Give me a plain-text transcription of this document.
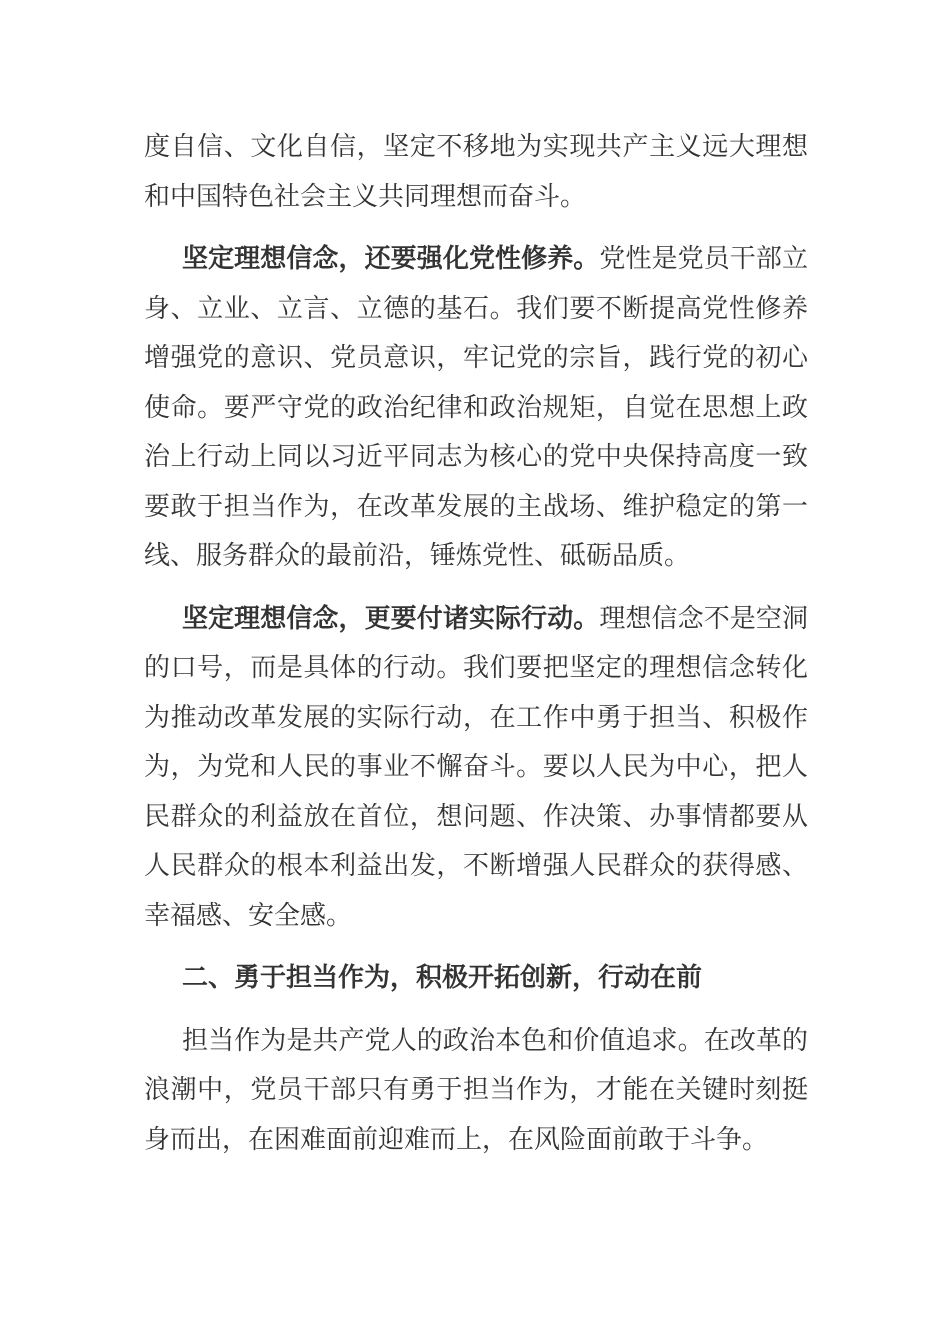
度自信、文化自信，坚定不移地为实现共产主义远大理想和中国特色社会主义共同理想而奋斗。

坚定理想信念，还要强化党性修养。党性是党员干部立身、立业、立言、立德的基石。我们要不断提高党性修养增强党的意识、党员意识，牢记党的宗旨，践行党的初心使命。要严守党的政治纪律和政治规矩，自觉在思想上政治上行动上同以习近平同志为核心的党中央保持高度一致要敢于担当作为，在改革发展的主战场、维护稳定的第一线、服务群众的最前沿，锤炼党性、砥砺品质。

坚定理想信念，更要付诸实际行动。理想信念不是空洞的口号，而是具体的行动。我们要把坚定的理想信念转化为推动改革发展的实际行动，在工作中勇于担当、积极作为，为党和人民的事业不懈奋斗。要以人民为中心，把人民群众的利益放在首位，想问题、作决策、办事情都要从人民群众的根本利益出发，不断增强人民群众的获得感、幸福感、安全感。

二、勇于担当作为，积极开拓创新，行动在前

担当作为是共产党人的政治本色和价值追求。在改革的浪潮中，党员干部只有勇于担当作为，才能在关键时刻挺身而出，在困难面前迎难而上，在风险面前敢于斗争。
